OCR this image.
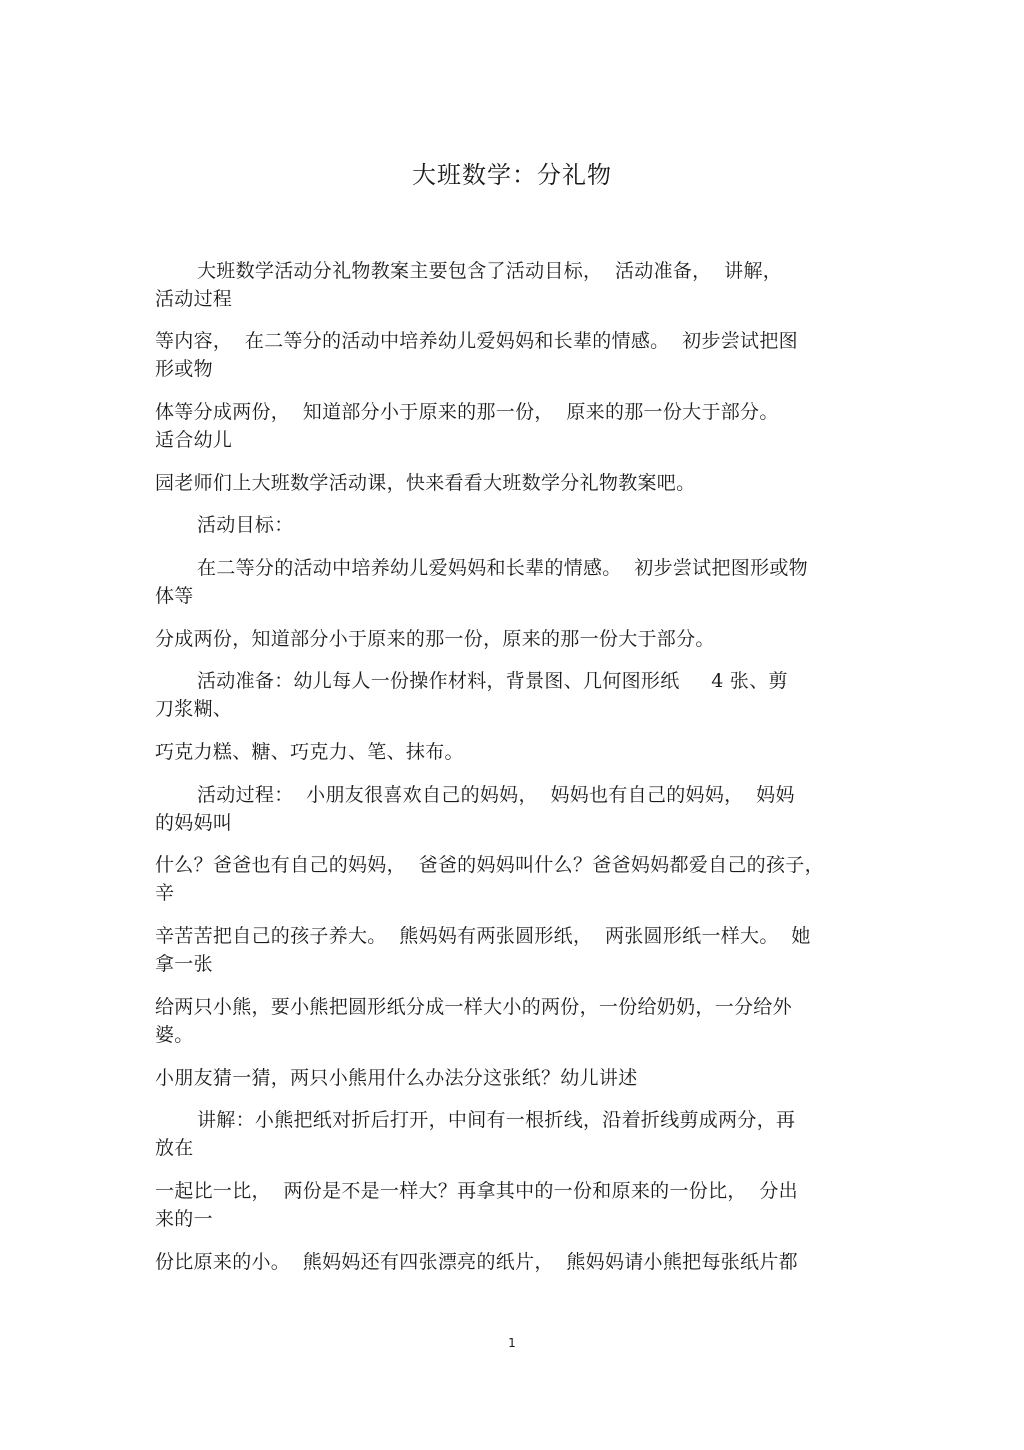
大班数学：分礼物
大班数学活动分礼物教案主要包含了活动目标，  活动准备，  讲解，
活动过程
等内容，  在二等分的活动中培养幼儿爱妈妈和长辈的情感。  初步尝试把图
形或物
体等分成两份，  知道部分小于原来的那一份，  原来的那一份大于部分。
适合幼儿
园老师们上大班数学活动课，快来看看大班数学分礼物教案吧。
活动目标：
在二等分的活动中培养幼儿爱妈妈和长辈的情感。  初步尝试把图形或物
体等
分成两份，知道部分小于原来的那一份，原来的那一份大于部分。
活动准备：幼儿每人一份操作材料，背景图、几何图形纸     4 张、剪
刀浆糊、
巧克力糕、糖、巧克力、笔、抹布。
活动过程：  小朋友很喜欢自己的妈妈，  妈妈也有自己的妈妈，  妈妈
的妈妈叫
什么？爸爸也有自己的妈妈，  爸爸的妈妈叫什么？爸爸妈妈都爱自己的孩子，
辛
辛苦苦把自己的孩子养大。  熊妈妈有两张圆形纸，  两张圆形纸一样大。  她
拿一张
给两只小熊，要小熊把圆形纸分成一样大小的两份，一份给奶奶，一分给外
婆。
小朋友猜一猜，两只小熊用什么办法分这张纸？幼儿讲述
讲解：小熊把纸对折后打开，中间有一根折线，沿着折线剪成两分，再
放在
一起比一比，  两份是不是一样大？再拿其中的一份和原来的一份比，  分出
来的一
份比原来的小。  熊妈妈还有四张漂亮的纸片，  熊妈妈请小熊把每张纸片都
1
